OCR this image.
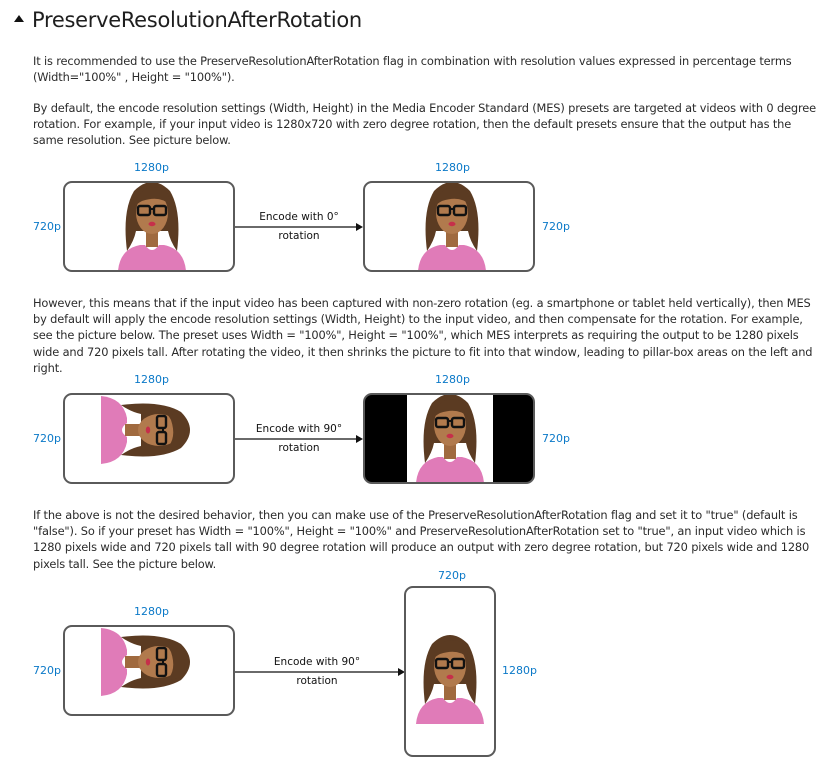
PreserveResolutionAfterRotation

It is recommended to use the PreserveResolutionAfterRotation flag in combination with resolution values expressed in percentage terms (Width="100%" , Height = "100%").

By default, the encode resolution settings (Width, Height) in the Media Encoder Standard (MES) presets are targeted at videos with 0 degree rotation. For example, if your input video is 1280x720 with zero degree rotation, then the default presets ensure that the output has the same resolution. See picture below.

1280p
720p
Encode with 0°
rotation
1280p
720p

However, this means that if the input video has been captured with non-zero rotation (eg. a smartphone or tablet held vertically), then MES by default will apply the encode resolution settings (Width, Height) to the input video, and then compensate for the rotation. For example, see the picture below. The preset uses Width = "100%", Height = "100%", which MES interprets as requiring the output to be 1280 pixels wide and 720 pixels tall. After rotating the video, it then shrinks the picture to fit into that window, leading to pillar-box areas on the left and right.

1280p
720p
Encode with 90°
rotation
1280p
720p

If the above is not the desired behavior, then you can make use of the PreserveResolutionAfterRotation flag and set it to "true" (default is "false"). So if your preset has Width = "100%", Height = "100%" and PreserveResolutionAfterRotation set to "true", an input video which is 1280 pixels wide and 720 pixels tall with 90 degree rotation will produce an output with zero degree rotation, but 720 pixels wide and 1280 pixels tall. See the picture below.

1280p
720p
Encode with 90°
rotation
720p
1280p
